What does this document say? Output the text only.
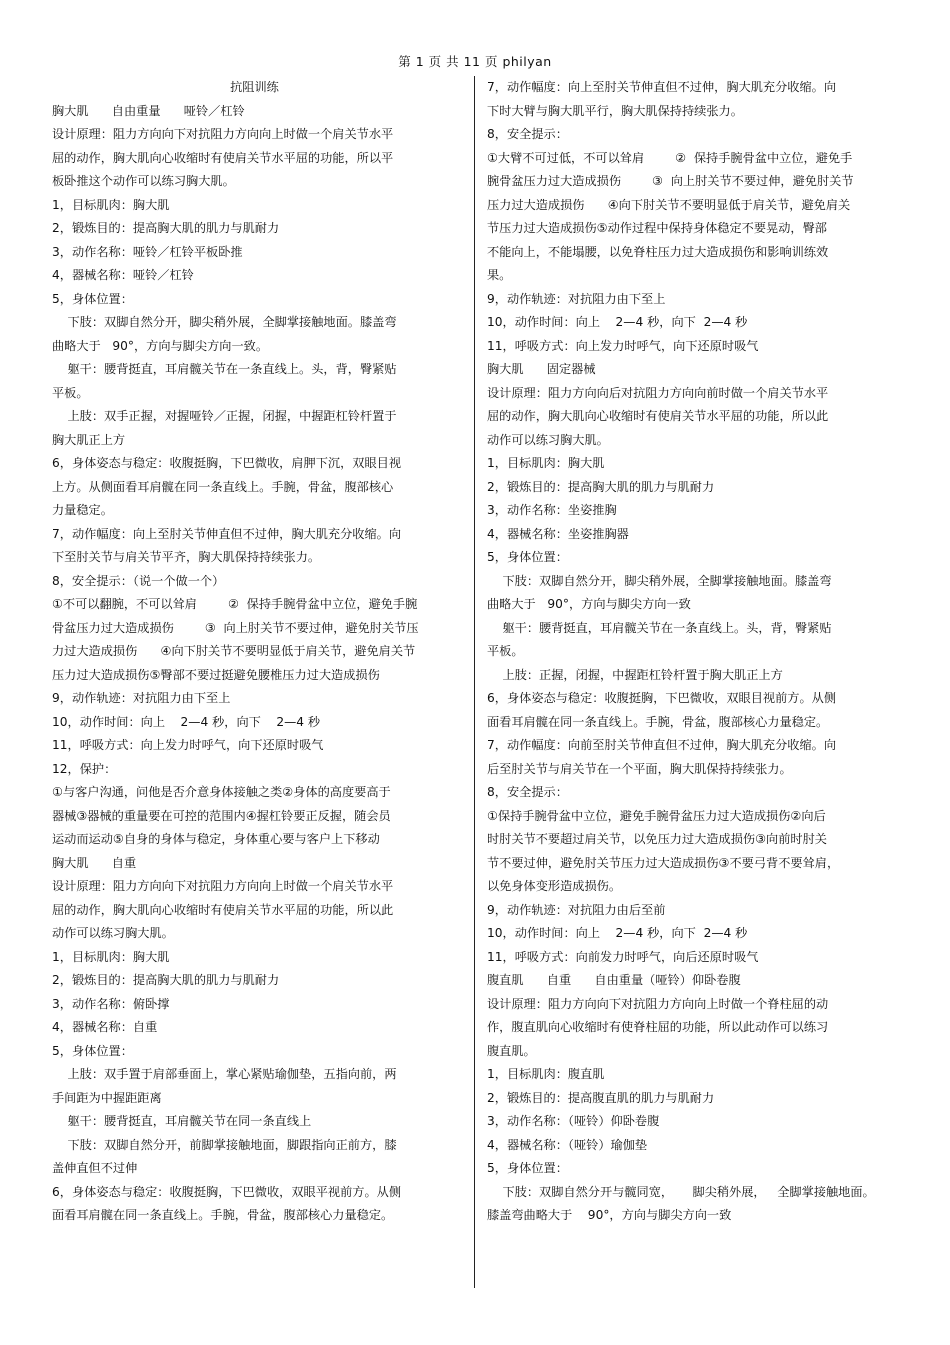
第 1 页 共 11 页 philyan
抗阻训练
胸大肌      自由重量      哑铃／杠铃
设计原理：阻力方向向下对抗阻力方向向上时做一个肩关节水平
屈的动作，胸大肌向心收缩时有使肩关节水平屈的功能，所以平
板卧推这个动作可以练习胸大肌。
1，目标肌肉：胸大肌
2，锻炼目的：提高胸大肌的肌力与肌耐力
3，动作名称：哑铃／杠铃平板卧推
4，器械名称：哑铃／杠铃
5，身体位置：
下肢：双脚自然分开，脚尖稍外展，全脚掌接触地面。膝盖弯
曲略大于   90°，方向与脚尖方向一致。
躯干：腰背挺直，耳肩髋关节在一条直线上。头，背，臀紧贴
平板。
上肢：双手正握，对握哑铃／正握，闭握，中握距杠铃杆置于
胸大肌正上方
6，身体姿态与稳定：收腹挺胸，下巴微收，肩胛下沉，双眼目视
上方。从侧面看耳肩髋在同一条直线上。手腕，骨盆，腹部核心
力量稳定。
7，动作幅度：向上至肘关节伸直但不过伸，胸大肌充分收缩。向
下至肘关节与肩关节平齐，胸大肌保持持续张力。
8，安全提示：（说一个做一个）
①不可以翻腕，不可以耸肩        ②  保持手腕骨盆中立位，避免手腕
骨盆压力过大造成损伤        ③  向上肘关节不要过伸，避免肘关节压
力过大造成损伤      ④向下肘关节不要明显低于肩关节，避免肩关节
压力过大造成损伤⑤臀部不要过挺避免腰椎压力过大造成损伤
9，动作轨迹：对抗阻力由下至上
10，动作时间：向上    2—4 秒，向下    2—4 秒
11，呼吸方式：向上发力时呼气，向下还原时吸气
12，保护：
①与客户沟通，问他是否介意身体接触之类②身体的高度要高于
器械③器械的重量要在可控的范围内④握杠铃要正反握，随会员
运动而运动⑤自身的身体与稳定，身体重心要与客户上下移动
胸大肌      自重
设计原理：阻力方向向下对抗阻力方向向上时做一个肩关节水平
屈的动作，胸大肌向心收缩时有使肩关节水平屈的功能，所以此
动作可以练习胸大肌。
1，目标肌肉：胸大肌
2，锻炼目的：提高胸大肌的肌力与肌耐力
3，动作名称：俯卧撑
4，器械名称：自重
5，身体位置：
上肢：双手置于肩部垂面上，掌心紧贴瑜伽垫，五指向前，两
手间距为中握距距离
躯干：腰背挺直，耳肩髋关节在同一条直线上
下肢：双脚自然分开，前脚掌接触地面，脚跟指向正前方，膝
盖伸直但不过伸
6，身体姿态与稳定：收腹挺胸，下巴微收，双眼平视前方。从侧
面看耳肩髋在同一条直线上。手腕，骨盆，腹部核心力量稳定。
7，动作幅度：向上至肘关节伸直但不过伸，胸大肌充分收缩。向
下时大臂与胸大肌平行，胸大肌保持持续张力。
8，安全提示：
①大臂不可过低，不可以耸肩        ②  保持手腕骨盆中立位，避免手
腕骨盆压力过大造成损伤        ③  向上肘关节不要过伸，避免肘关节
压力过大造成损伤      ④向下肘关节不要明显低于肩关节，避免肩关
节压力过大造成损伤⑤动作过程中保持身体稳定不要晃动，臀部
不能向上，不能塌腰，以免脊柱压力过大造成损伤和影响训练效
果。
9，动作轨迹：对抗阻力由下至上
10，动作时间：向上    2—4 秒，向下  2—4 秒
11，呼吸方式：向上发力时呼气，向下还原时吸气
胸大肌      固定器械
设计原理：阻力方向向后对抗阻力方向向前时做一个肩关节水平
屈的动作，胸大肌向心收缩时有使肩关节水平屈的功能，所以此
动作可以练习胸大肌。
1，目标肌肉：胸大肌
2，锻炼目的：提高胸大肌的肌力与肌耐力
3，动作名称：坐姿推胸
4，器械名称：坐姿推胸器
5，身体位置：
下肢：双脚自然分开，脚尖稍外展，全脚掌接触地面。膝盖弯
曲略大于   90°，方向与脚尖方向一致
躯干：腰背挺直，耳肩髋关节在一条直线上。头，背，臀紧贴
平板。
上肢：正握，闭握，中握距杠铃杆置于胸大肌正上方
6，身体姿态与稳定：收腹挺胸，下巴微收，双眼目视前方。从侧
面看耳肩髋在同一条直线上。手腕，骨盆，腹部核心力量稳定。
7，动作幅度：向前至肘关节伸直但不过伸，胸大肌充分收缩。向
后至肘关节与肩关节在一个平面，胸大肌保持持续张力。
8，安全提示：
①保持手腕骨盆中立位，避免手腕骨盆压力过大造成损伤②向后
时肘关节不要超过肩关节，以免压力过大造成损伤③向前时肘关
节不要过伸，避免肘关节压力过大造成损伤③不要弓背不要耸肩，
以免身体变形造成损伤。
9，动作轨迹：对抗阻力由后至前
10，动作时间：向上    2—4 秒，向下  2—4 秒
11，呼吸方式：向前发力时呼气，向后还原时吸气
腹直肌      自重      自由重量（哑铃）仰卧卷腹
设计原理：阻力方向向下对抗阻力方向向上时做一个脊柱屈的动
作，腹直肌向心收缩时有使脊柱屈的功能，所以此动作可以练习
腹直肌。
1，目标肌肉：腹直肌
2，锻炼目的：提高腹直肌的肌力与肌耐力
3，动作名称：（哑铃）仰卧卷腹
4，器械名称：（哑铃）瑜伽垫
5，身体位置：
下肢：双脚自然分开与髋同宽，     脚尖稍外展，   全脚掌接触地面。
膝盖弯曲略大于    90°，方向与脚尖方向一致
